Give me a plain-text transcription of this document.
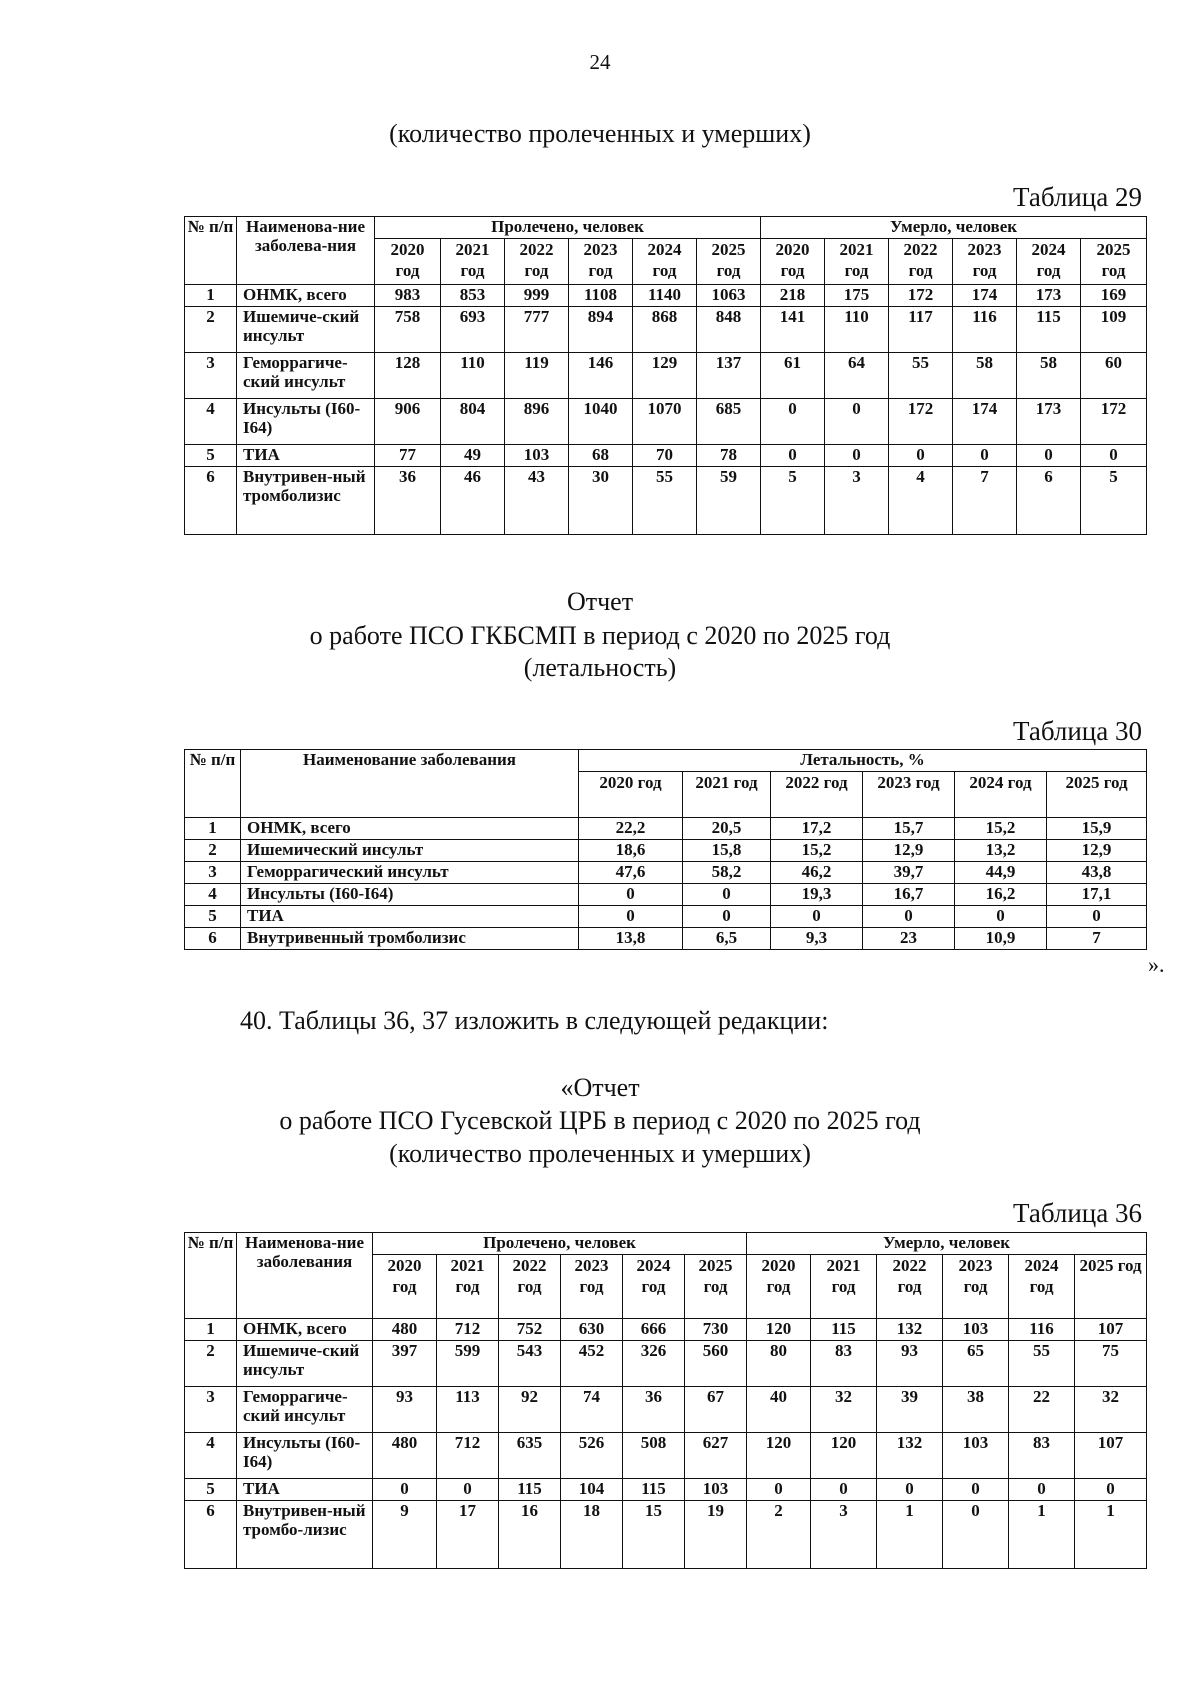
24
(количество пролеченных и умерших)
Таблица 29
№ п/п	Наименова-ние заболева-ния	Пролечено, человек						Умерло, человек					
		2020 год	2021 год	2022 год	2023 год	2024 год	2025 год	2020 год	2021 год	2022 год	2023 год	2024 год	2025 год
1	ОНМК, всего	983	853	999	1108	1140	1063	218	175	172	174	173	169
2	Ишемиче-ский инсульт	758	693	777	894	868	848	141	110	117	116	115	109
3	Геморрагиче-ский инсульт	128	110	119	146	129	137	61	64	55	58	58	60
4	Инсульты (I60-I64)	906	804	896	1040	1070	685	0	0	172	174	173	172
5	ТИА	77	49	103	68	70	78	0	0	0	0	0	0
6	Внутривен-ный тромболизис	36	46	43	30	55	59	5	3	4	7	6	5
Отчет
о работе ПСО ГКБСМП в период с 2020 по 2025 год
(летальность)
Таблица 30
№ п/п	Наименование заболевания	Летальность, %					
		2020 год	2021 год	2022 год	2023 год	2024 год	2025 год
1	ОНМК, всего	22,2	20,5	17,2	15,7	15,2	15,9
2	Ишемический инсульт	18,6	15,8	15,2	12,9	13,2	12,9
3	Геморрагический инсульт	47,6	58,2	46,2	39,7	44,9	43,8
4	Инсульты (I60-I64)	0	0	19,3	16,7	16,2	17,1
5	ТИА	0	0	0	0	0	0
6	Внутривенный тромболизис	13,8	6,5	9,3	23	10,9	7
».
40. Таблицы 36, 37 изложить в следующей редакции:
«Отчет
о работе ПСО Гусевской ЦРБ в период с 2020 по 2025 год
(количество пролеченных и умерших)
Таблица 36
№ п/п	Наименова-ние заболевания	Пролечено, человек						Умерло, человек					
		2020 год	2021 год	2022 год	2023 год	2024 год	2025 год	2020 год	2021 год	2022 год	2023 год	2024 год	2025 год
1	ОНМК, всего	480	712	752	630	666	730	120	115	132	103	116	107
2	Ишемиче-ский инсульт	397	599	543	452	326	560	80	83	93	65	55	75
3	Геморрагиче-ский инсульт	93	113	92	74	36	67	40	32	39	38	22	32
4	Инсульты (I60-I64)	480	712	635	526	508	627	120	120	132	103	83	107
5	ТИА	0	0	115	104	115	103	0	0	0	0	0	0
6	Внутривен-ный тромбо-лизис	9	17	16	18	15	19	2	3	1	0	1	1
